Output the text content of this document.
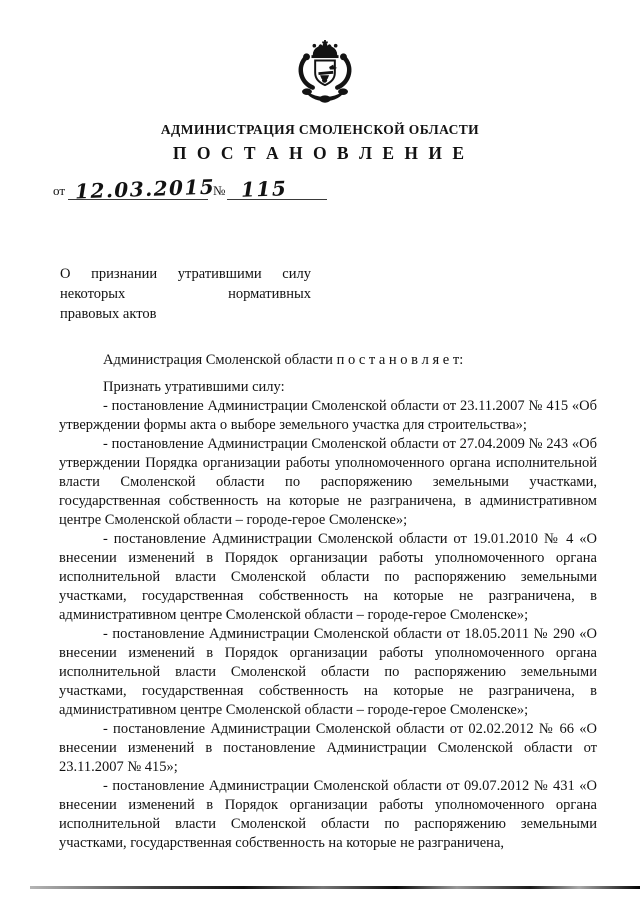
АДМИНИСТРАЦИЯ СМОЛЕНСКОЙ ОБЛАСТИ
П О С Т А Н О В Л Е Н И Е
от 12.03.2015
№ 115
О признании утратившими силу
некоторых нормативных
правовых актов

Администрация Смоленской области п о с т а н о в л я е т:

Признать утратившими силу:

- постановление Администрации Смоленской области от 23.11.2007 № 415 «Об утверждении формы акта о выборе земельного участка для строительства»;

- постановление Администрации Смоленской области от 27.04.2009 № 243 «Об утверждении Порядка организации работы уполномоченного органа исполнительной власти Смоленской области по распоряжению земельными участками, государственная собственность на которые не разграничена, в административном центре Смоленской области – городе-герое Смоленске»;

- постановление Администрации Смоленской области от 19.01.2010 № 4 «О внесении изменений в Порядок организации работы уполномоченного органа исполнительной власти Смоленской области по распоряжению земельными участками, государственная собственность на которые не разграничена, в административном центре Смоленской области – городе-герое Смоленске»;

- постановление Администрации Смоленской области от 18.05.2011 № 290 «О внесении изменений в Порядок организации работы уполномоченного органа исполнительной власти Смоленской области по распоряжению земельными участками, государственная собственность на которые не разграничена, в административном центре Смоленской области – городе-герое Смоленске»;

- постановление Администрации Смоленской области от 02.02.2012 № 66 «О внесении изменений в постановление Администрации Смоленской области от 23.11.2007 № 415»;

- постановление Администрации Смоленской области от 09.07.2012 № 431 «О внесении изменений в Порядок организации работы уполномоченного органа исполнительной власти Смоленской области по распоряжению земельными участками, государственная собственность на которые не разграничена,
